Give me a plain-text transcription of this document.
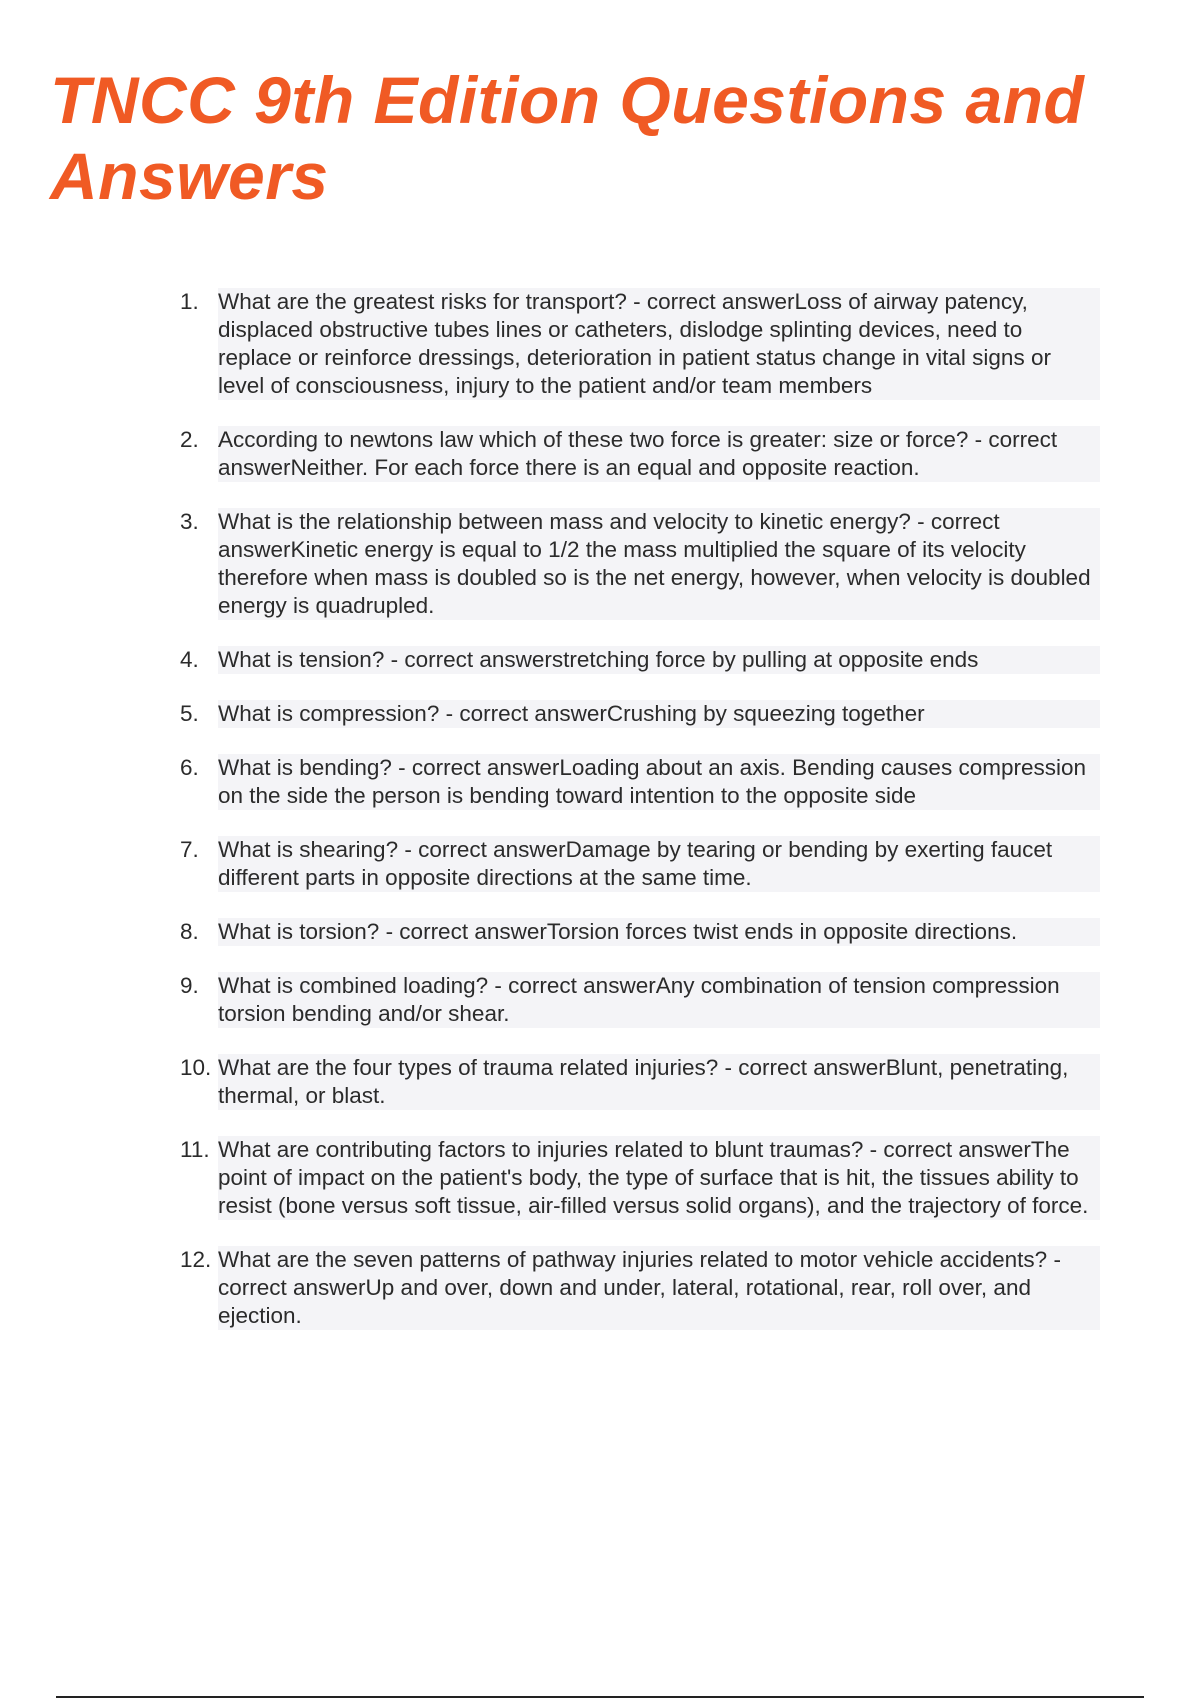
TNCC 9th Edition Questions and Answers
1. What are the greatest risks for transport? - correct answerLoss of airway patency, displaced obstructive tubes lines or catheters, dislodge splinting devices, need to replace or reinforce dressings, deterioration in patient status change in vital signs or level of consciousness, injury to the patient and/or team members
2. According to newtons law which of these two force is greater: size or force? - correct answerNeither. For each force there is an equal and opposite reaction.
3. What is the relationship between mass and velocity to kinetic energy? - correct answerKinetic energy is equal to 1/2 the mass multiplied the square of its velocity therefore when mass is doubled so is the net energy, however, when velocity is doubled energy is quadrupled.
4. What is tension? - correct answerstretching force by pulling at opposite ends
5. What is compression? - correct answerCrushing by squeezing together
6. What is bending? - correct answerLoading about an axis. Bending causes compression on the side the person is bending toward intention to the opposite side
7. What is shearing? - correct answerDamage by tearing or bending by exerting faucet different parts in opposite directions at the same time.
8. What is torsion? - correct answerTorsion forces twist ends in opposite directions.
9. What is combined loading? - correct answerAny combination of tension compression torsion bending and/or shear.
10. What are the four types of trauma related injuries? - correct answerBlunt, penetrating, thermal, or blast.
11. What are contributing factors to injuries related to blunt traumas? - correct answerThe point of impact on the patient's body, the type of surface that is hit, the tissues ability to resist (bone versus soft tissue, air-filled versus solid organs), and the trajectory of force.
12. What are the seven patterns of pathway injuries related to motor vehicle accidents? - correct answerUp and over, down and under, lateral, rotational, rear, roll over, and ejection.
